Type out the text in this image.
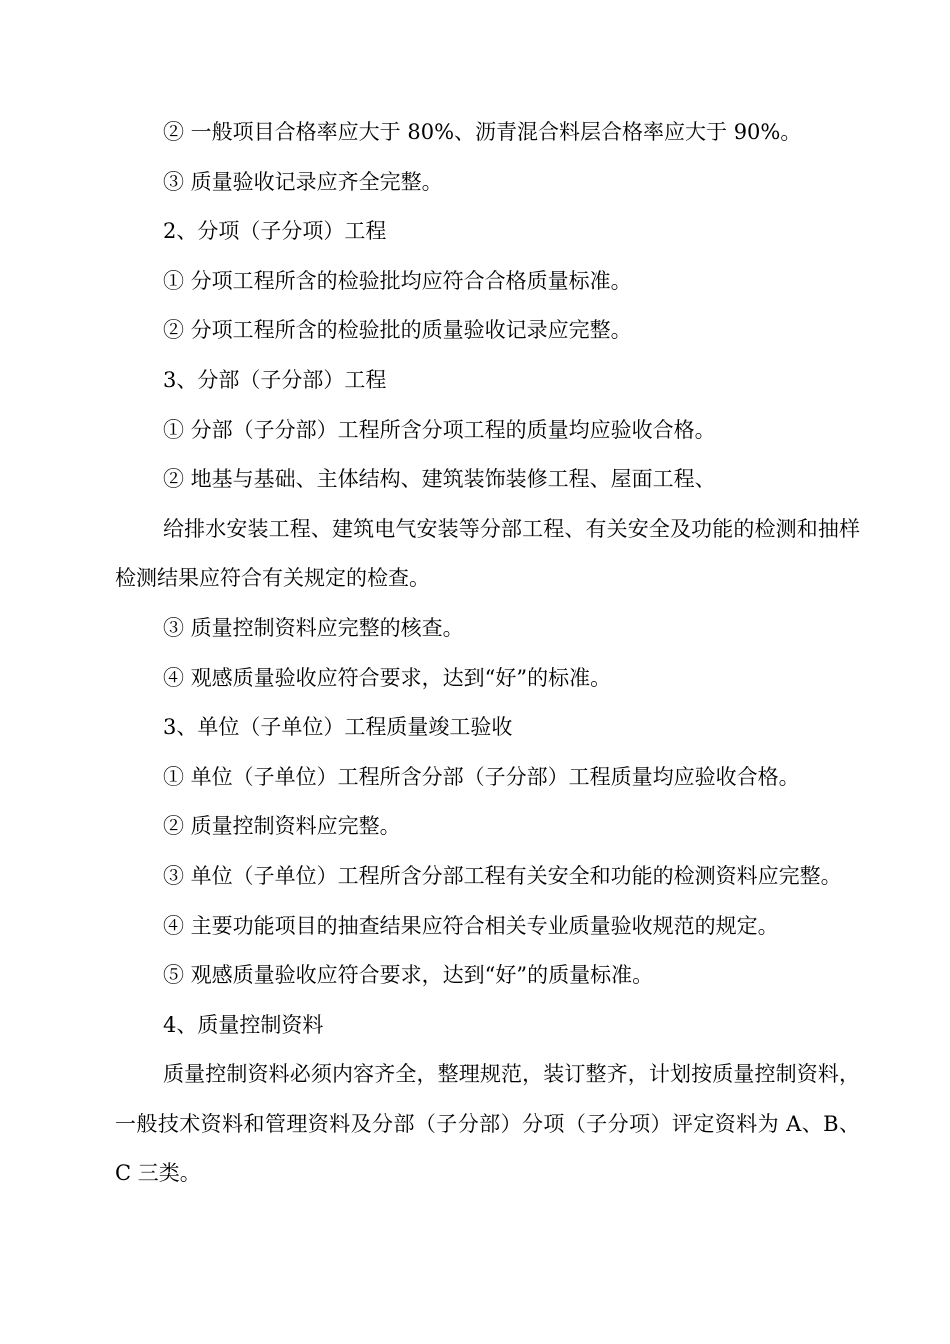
② 一般项目合格率应大于 80%、沥青混合料层合格率应大于 90%。

③ 质量验收记录应齐全完整。

2、分项（子分项）工程

① 分项工程所含的检验批均应符合合格质量标准。

② 分项工程所含的检验批的质量验收记录应完整。

3、分部（子分部）工程

① 分部（子分部）工程所含分项工程的质量均应验收合格。

② 地基与基础、主体结构、建筑装饰装修工程、屋面工程、

给排水安装工程、建筑电气安装等分部工程、有关安全及功能的检测和抽样检测结果应符合有关规定的检查。

③ 质量控制资料应完整的核查。

④ 观感质量验收应符合要求，达到“好”的标准。

3、单位（子单位）工程质量竣工验收

① 单位（子单位）工程所含分部（子分部）工程质量均应验收合格。

② 质量控制资料应完整。

③ 单位（子单位）工程所含分部工程有关安全和功能的检测资料应完整。

④ 主要功能项目的抽查结果应符合相关专业质量验收规范的规定。

⑤ 观感质量验收应符合要求，达到“好”的质量标准。

4、质量控制资料

质量控制资料必须内容齐全，整理规范，装订整齐，计划按质量控制资料，一般技术资料和管理资料及分部（子分部）分项（子分项）评定资料为 A、B、C 三类。
